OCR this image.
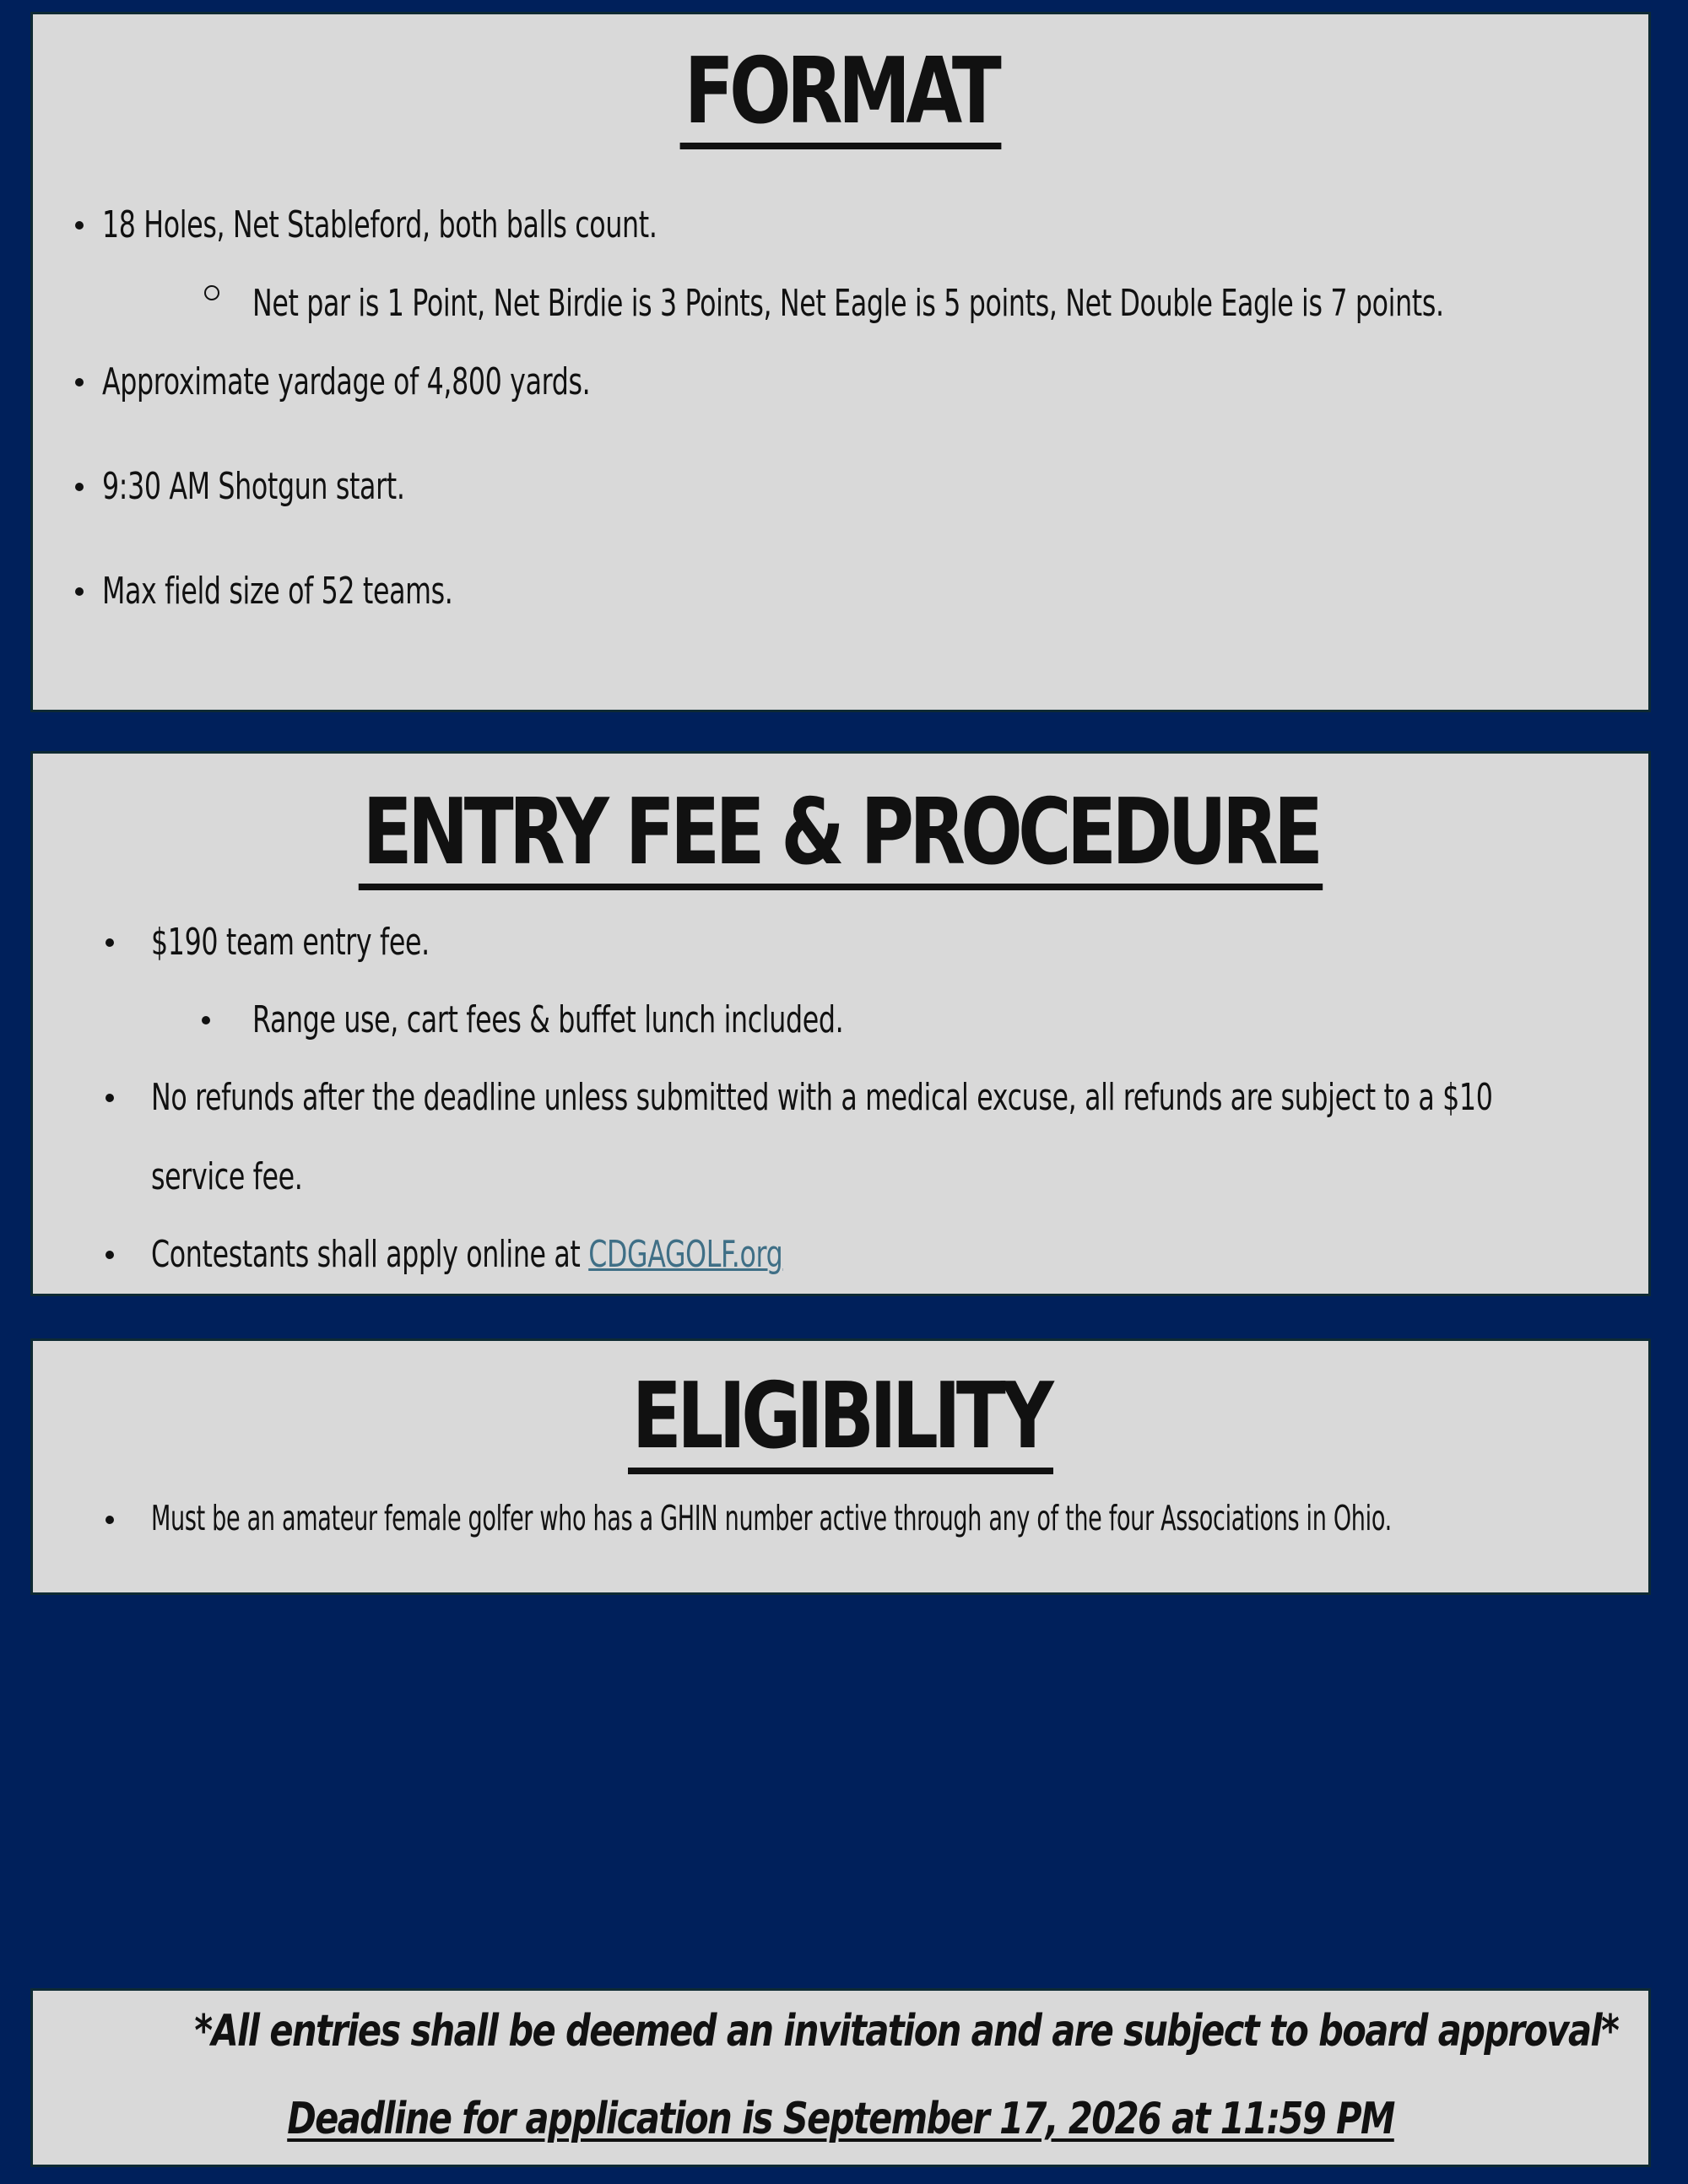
FORMAT
18 Holes, Net Stableford, both balls count.
Net par is 1 Point, Net Birdie is 3 Points, Net Eagle is 5 points, Net Double Eagle is 7 points.
Approximate yardage of 4,800 yards.
9:30 AM Shotgun start.
Max field size of 52 teams.
ENTRY FEE & PROCEDURE
$190 team entry fee.
Range use, cart fees & buffet lunch included.
No refunds after the deadline unless submitted with a medical excuse, all refunds are subject to a $10
service fee.
Contestants shall apply online at CDGAGOLF.org
ELIGIBILITY
Must be an amateur female golfer who has a GHIN number active through any of the four Associations in Ohio.
*All entries shall be deemed an invitation and are subject to board approval*
Deadline for application is September 17, 2026 at 11:59 PM
